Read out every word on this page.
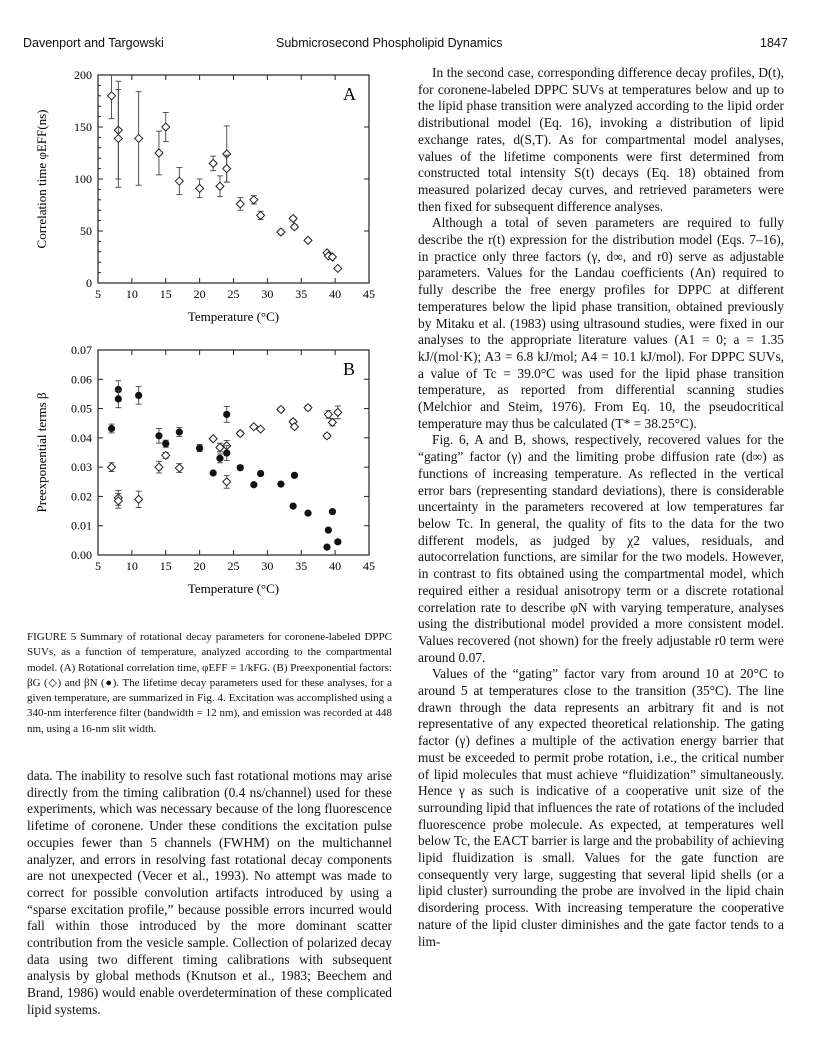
Davenport and Targowski	Submicrosecond Phospholipid Dynamics	1847
5 10 15 20 25 30 35 40 45
0
50
100
150
200
Temperature (°C)
Correlation time φEFF(ns)
A
5 10 15 20 25 30 35 40 45
0.00
0.01
0.02
0.03
0.04
0.05
0.06
0.07
Temperature (°C)
Preexponential terms β
B
FIGURE 5 Summary of rotational decay parameters for coronene-labeled DPPC SUVs, as a function of temperature, analyzed according to the compartmental model. (A) Rotational correlation time, φEFF = 1/kFG. (B) Preexponential factors: βG (◇) and βN (●). The lifetime decay parameters used for these analyses, for a given temperature, are summarized in Fig. 4. Excitation was accomplished using a 340-nm interference filter (bandwidth = 12 nm), and emission was recorded at 448 nm, using a 16-nm slit width.

data. The inability to resolve such fast rotational motions may arise directly from the timing calibration (0.4 ns/channel) used for these experiments, which was necessary because of the long fluorescence lifetime of coronene. Under these conditions the excitation pulse occupies fewer than 5 channels (FWHM) on the multichannel analyzer, and errors in resolving fast rotational decay components are not unexpected (Vecer et al., 1993). No attempt was made to correct for possible convolution artifacts introduced by using a “sparse excitation profile,” because possible errors incurred would fall within those introduced by the more dominant scatter contribution from the vesicle sample. Collection of polarized decay data using two different timing calibrations with subsequent analysis by global methods (Knutson et al., 1983; Beechem and Brand, 1986) would enable overdetermination of these complicated lipid systems.

In the second case, corresponding difference decay profiles, D(t), for coronene-labeled DPPC SUVs at temperatures below and up to the lipid phase transition were analyzed according to the lipid order distributional model (Eq. 16), invoking a distribution of lipid exchange rates, d(S,T). As for compartmental model analyses, values of the lifetime components were first determined from constructed total intensity S(t) decays (Eq. 18) obtained from measured polarized decay curves, and retrieved parameters were then fixed for subsequent difference analyses.

Although a total of seven parameters are required to fully describe the r(t) expression for the distribution model (Eqs. 7–16), in practice only three factors (γ, d∞, and r0) serve as adjustable parameters. Values for the Landau coefficients (An) required to fully describe the free energy profiles for DPPC at different temperatures below the lipid phase transition, obtained previously by Mitaku et al. (1983) using ultrasound studies, were fixed in our analyses to the appropriate literature values (A1 = 0; a = 1.35 kJ/(mol·K); A3 = 6.8 kJ/mol; A4 = 10.1 kJ/mol). For DPPC SUVs, a value of Tc = 39.0°C was used for the lipid phase transition temperature, as reported from differential scanning studies (Melchior and Steim, 1976). From Eq. 10, the pseudocritical temperature may thus be calculated (T* = 38.25°C).

Fig. 6, A and B, shows, respectively, recovered values for the “gating” factor (γ) and the limiting probe diffusion rate (d∞) as functions of increasing temperature. As reflected in the vertical error bars (representing standard deviations), there is considerable uncertainty in the parameters recovered at low temperatures far below Tc. In general, the quality of fits to the data for the two different models, as judged by χ2 values, residuals, and autocorrelation functions, are similar for the two models. However, in contrast to fits obtained using the compartmental model, which required either a residual anisotropy term or a discrete rotational correlation rate to describe φN with varying temperature, analyses using the distributional model provided a more consistent model. Values recovered (not shown) for the freely adjustable r0 term were around 0.07.

Values of the “gating” factor vary from around 10 at 20°C to around 5 at temperatures close to the transition (35°C). The line drawn through the data represents an arbitrary fit and is not representative of any expected theoretical relationship. The gating factor (γ) defines a multiple of the activation energy barrier that must be exceeded to permit probe rotation, i.e., the critical number of lipid molecules that must achieve “fluidization” simultaneously. Hence γ as such is indicative of a cooperative unit size of the surrounding lipid that influences the rate of rotations of the included fluorescence probe molecule. As expected, at temperatures well below Tc, the EACT barrier is large and the probability of achieving lipid fluidization is small. Values for the gate function are consequently very large, suggesting that several lipid shells (or a lipid cluster) surrounding the probe are involved in the lipid chain disordering process. With increasing temperature the cooperative nature of the lipid cluster diminishes and the gate factor tends to a lim-
